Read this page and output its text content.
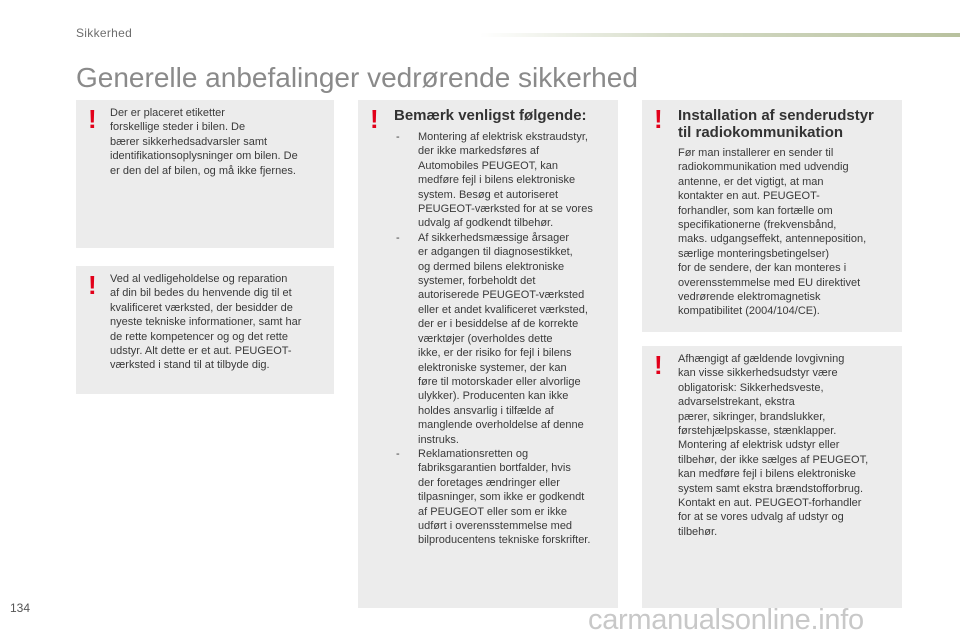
Sikkerhed
Generelle anbefalinger vedrørende sikkerhed
! Der er placeret etiketter
forskellige steder i bilen. De
bærer sikkerhedsadvarsler samt
identifikationsoplysninger om bilen. De
er den del af bilen, og må ikke fjernes.
! Ved al vedligeholdelse og reparation
af din bil bedes du henvende dig til et
kvalificeret værksted, der besidder de
nyeste tekniske informationer, samt har
de rette kompetencer og og det rette
udstyr. Alt dette er et aut. PEUGEOT-
værksted i stand til at tilbyde dig.
! Bemærk venligst følgende:
- Montering af elektrisk ekstraudstyr,
der ikke markedsføres af
Automobiles PEUGEOT, kan
medføre fejl i bilens elektroniske
system. Besøg et autoriseret
PEUGEOT-værksted for at se vores
udvalg af godkendt tilbehør.
- Af sikkerhedsmæssige årsager
er adgangen til diagnosestikket,
og dermed bilens elektroniske
systemer, forbeholdt det
autoriserede PEUGEOT-værksted
eller et andet kvalificeret værksted,
der er i besiddelse af de korrekte
værktøjer (overholdes dette
ikke, er der risiko for fejl i bilens
elektroniske systemer, der kan
føre til motorskader eller alvorlige
ulykker). Producenten kan ikke
holdes ansvarlig i tilfælde af
manglende overholdelse af denne
instruks.
- Reklamationsretten og
fabriksgarantien bortfalder, hvis
der foretages ændringer eller
tilpasninger, som ikke er godkendt
af PEUGEOT eller som er ikke
udført i overensstemmelse med
bilproducentens tekniske forskrifter.
! Installation af senderudstyr
til radiokommunikation
Før man installerer en sender til
radiokommunikation med udvendig
antenne, er det vigtigt, at man
kontakter en aut. PEUGEOT-
forhandler, som kan fortælle om
specifikationerne (frekvensbånd,
maks. udgangseffekt, antenneposition,
særlige monteringsbetingelser)
for de sendere, der kan monteres i
overensstemmelse med EU direktivet
vedrørende elektromagnetisk
kompatibilitet (2004/104/CE).
! Afhængigt af gældende lovgivning
kan visse sikkerhedsudstyr være
obligatorisk: Sikkerhedsveste,
advarselstrekant, ekstra
pærer, sikringer, brandslukker,
førstehjælpskasse, stænklapper.
Montering af elektrisk udstyr eller
tilbehør, der ikke sælges af PEUGEOT,
kan medføre fejl i bilens elektroniske
system samt ekstra brændstofforbrug.
Kontakt en aut. PEUGEOT-forhandler
for at se vores udvalg af udstyr og
tilbehør.
134	carmanualsonline.info
